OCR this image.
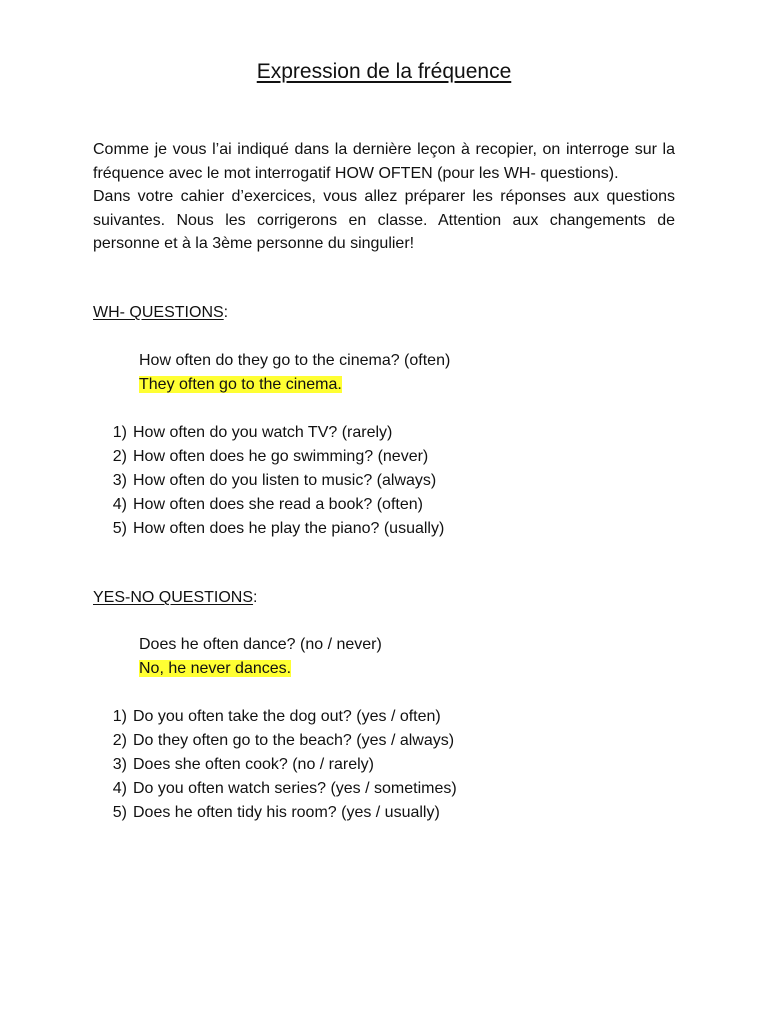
Expression de la fréquence

Comme je vous l’ai indiqué dans la dernière leçon à recopier, on interroge sur la fréquence avec le mot interrogatif HOW OFTEN (pour les WH- questions).

Dans votre cahier d’exercices, vous allez préparer les réponses aux questions suivantes. Nous les corrigerons en classe. Attention aux changements de personne et à la 3ème personne du singulier!

WH- QUESTIONS:
How often do they go to the cinema? (often)
They often go to the cinema.
1) How often do you watch TV? (rarely)
2) How often does he go swimming? (never)
3) How often do you listen to music? (always)
4) How often does she read a book? (often)
5) How often does he play the piano? (usually)
YES-NO QUESTIONS:
Does he often dance? (no / never)
No, he never dances.
1) Do you often take the dog out? (yes / often)
2) Do they often go to the beach? (yes / always)
3) Does she often cook? (no / rarely)
4) Do you often watch series? (yes / sometimes)
5) Does he often tidy his room? (yes / usually)
